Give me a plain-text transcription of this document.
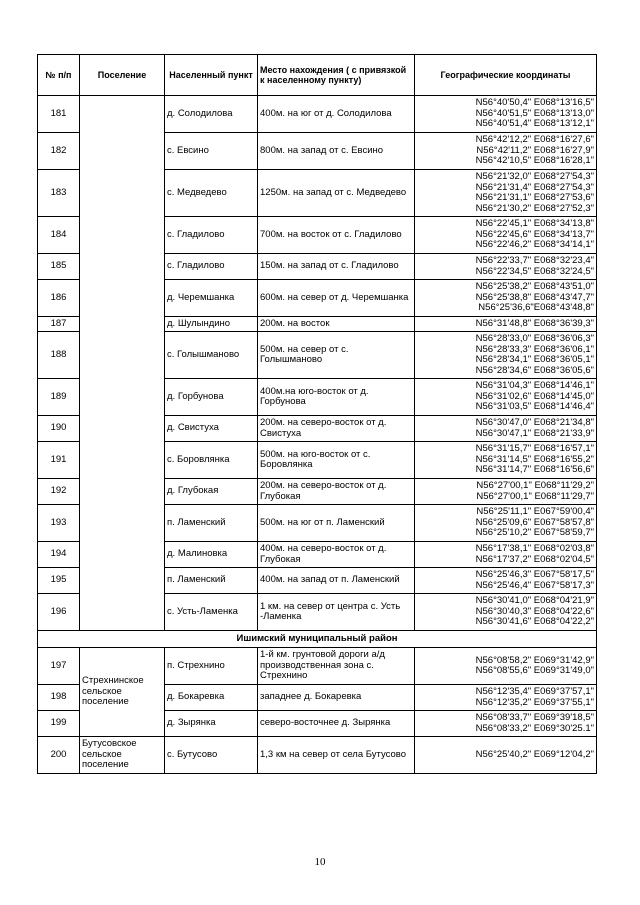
№ п/п	Поселение	Населенный пункт	Место нахождения ( с привязкой к населенному пункту)	Географические координаты
181		д. Солодилова	400м. на юг от д. Солодилова	N56°40'50,4" E068°13'16,5"
N56°40'51,5" E068°13'13,0"
N56°40'51,4" E068°13'12,1"

182		с. Евсино	800м. на запад от с. Евсино	N56°42'12,2" E068°16'27,6"
N56°42'11,2" E068°16'27,9"
N56°42'10,5" E068°16'28,1"

183		с. Медведево	1250м. на запад от с. Медведево	N56°21'32,0" E068°27'54,3"
N56°21'31,4" E068°27'54,3"
N56°21'31,1" E068°27'53,6"
N56°21'30,2" E068°27'52,3"

184		с. Гладилово	700м. на восток от с. Гладилово	N56°22'45,1" E068°34'13,8"
N56°22'45,6" E068°34'13,7"
N56°22'46,2" E068°34'14,1"

185		с. Гладилово	150м. на запад от с. Гладилово	N56°22'33,7" E068°32'23,4"
N56°22'34,5" E068°32'24,5"

186		д. Черемшанка	600м. на север от д. Черемшанка	N56°25'38,2" E068°43'51,0"
N56°25'38,8" E068°43'47,7"
N56°25'36,6"E068°43'48,8"

187		д. Шулындино	200м. на восток	N56°31'48,8" E068°36'39,3"

188		с. Голышманово	500м. на север от с. Голышманово	N56°28'33,0" E068°36'06,3"
N56°28'33,3" E068°36'06,1"
N56°28'34,1" E068°36'05,1"
N56°28'34,6" E068°36'05,6"

189		д. Горбунова	400м.на юго-восток от д. Горбунова	N56°31'04,3" E068°14'46,1"
N56°31'02,6" E068°14'45,0"
N56°31'03,5" E068°14'46,4"

190		д. Свистуха	200м. на северо-восток от д. Свистуха	N56°30'47,0" E068°21'34,8"
N56°30'47,1" E068°21'33,9"

191		с. Боровлянка	500м. на юго-восток от с. Боровлянка	N56°31'15,7" E068°16'57,1"
N56°31'14,5" E068°16'55,2"
N56°31'14,7" E068°16'56,6"

192		д. Глубокая	200м. на северо-восток от д. Глубокая	N56°27'00,1" E068°11'29,2"
N56°27'00,1" E068°11'29,7"

193		п. Ламенский	500м. на юг от п. Ламенский	N56°25'11,1" E067°59'00,4"
N56°25'09,6" E067°58'57,8"
N56°25'10,2" E067°58'59,7"

194		д. Малиновка	400м. на северо-восток от д. Глубокая	N56°17'38,1" E068°02'03,8"
N56°17'37,2" E068°02'04,5"

195		п. Ламенский	400м. на запад от п. Ламенский	N56°25'46,3" E067°58'17,5"
N56°25'46,4" E067°58'17,3"

196		с. Усть-Ламенка	1 км. на север от центра с. Усть -Ламенка	N56°30'41,0" E068°04'21,9"
N56°30'40,3" E068°04'22,6"
N56°30'41,6" E068°04'22,2"

Ишимский муниципальный район				
197	Стрехнинское сельское поселение	п. Стрехнино	1-й км. грунтовой дороги а/д производственная зона с. Стрехнино	N56°08'58,2" E069°31'42,9"
N56°08'55,6" E069°31'49,0"

198		д. Бокаревка	западнее д. Бокаревка	N56°12'35,4" E069°37'57,1"
N56°12'35,2" E069°37'55,1"

199		д. Зырянка	северо-восточнее д. Зырянка	N56°08'33,7" E069°39'18,5"
N56°08'33,2" E069°30'25.1"

200	Бутусовское сельское поселение	с. Бутусово	1,3 км на север от села Бутусово	N56°25'40,2" E069°12'04,2"
10
